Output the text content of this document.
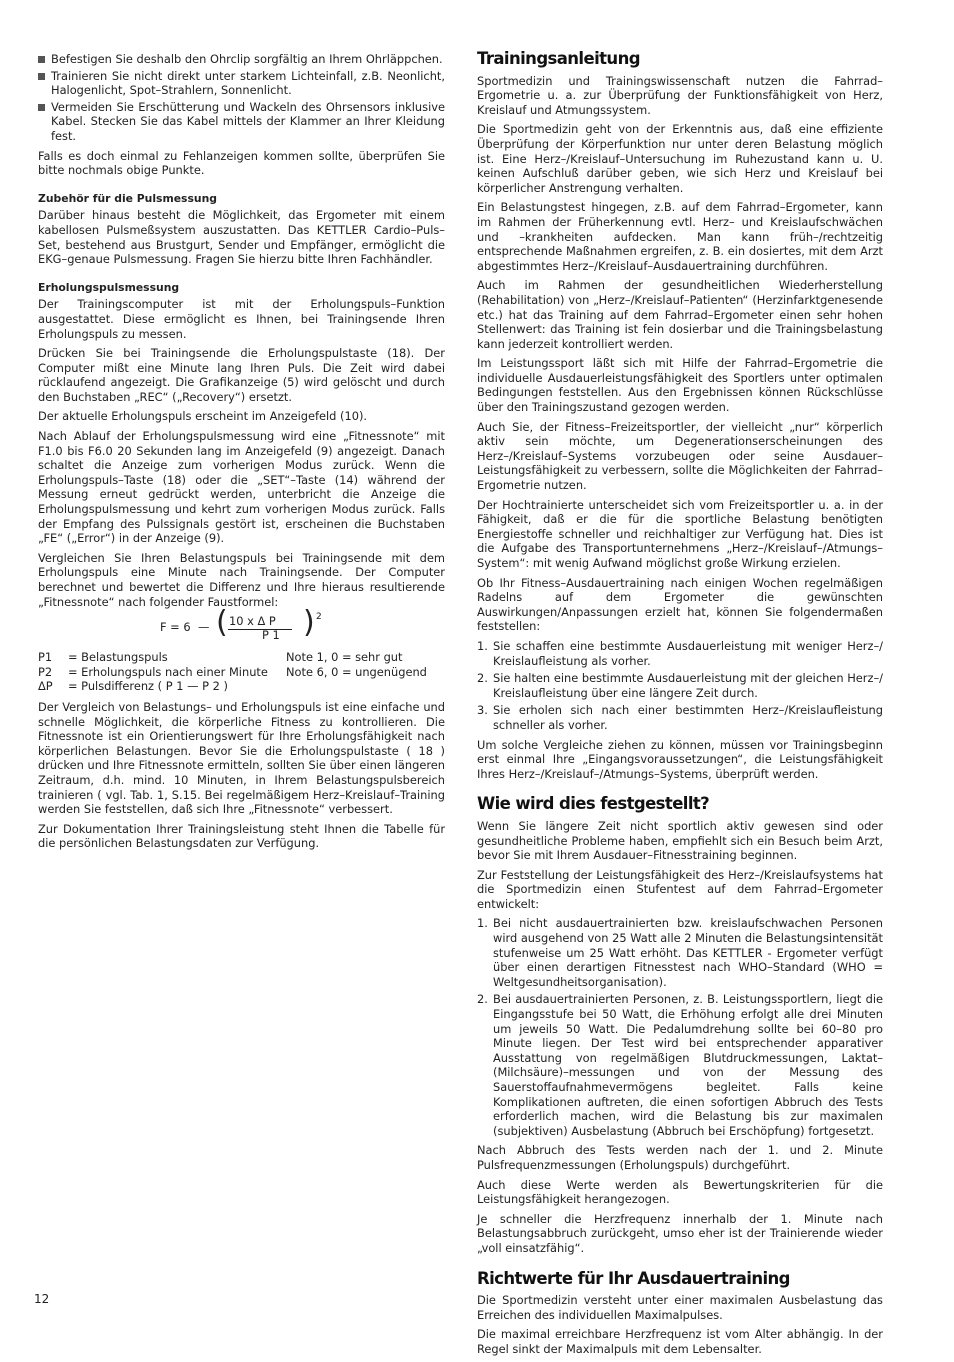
Befestigen Sie deshalb den Ohrclip sorgfältig an Ihrem Ohrläppchen.
Trainieren Sie nicht direkt unter starkem Lichteinfall, z.B. Neonlicht, Halogenlicht, Spot–Strahlern, Sonnenlicht.
Vermeiden Sie Erschütterung und Wackeln des Ohrsensors inklusive Kabel. Stecken Sie das Kabel mittels der Klammer an Ihrer Kleidung fest.

Falls es doch einmal zu Fehlanzeigen kommen sollte, überprüfen Sie bitte nochmals obige Punkte.

Zubehör für die Pulsmessung

Darüber hinaus besteht die Möglichkeit, das Ergometer mit einem kabellosen Pulsmeßsystem auszustatten. Das KETTLER Cardio–Puls–Set, bestehend aus Brustgurt, Sender und Empfänger, ermöglicht die EKG–genaue Pulsmessung. Fragen Sie hierzu bitte Ihren Fachhändler.

Erholungspulsmessung

Der Trainingscomputer ist mit der Erholungspuls–Funktion ausgestattet. Diese ermöglicht es Ihnen, bei Trainingsende Ihren Erholungspuls zu messen.

Drücken Sie bei Trainingsende die Erholungspulstaste (18). Der Computer mißt eine Minute lang Ihren Puls. Die Zeit wird dabei rücklaufend angezeigt. Die Grafikanzeige (5) wird gelöscht und durch den Buchstaben „REC“ („Recovery“) ersetzt.

Der aktuelle Erholungspuls erscheint im Anzeigefeld (10).

Nach Ablauf der Erholungspulsmessung wird eine „Fitnessnote“ mit F1.0 bis F6.0 20 Sekunden lang im Anzeigefeld (9) angezeigt. Danach schaltet die Anzeige zum vorherigen Modus zurück. Wenn die Erholungspuls–Taste (18) oder die „SET“–Taste (14) während der Messung erneut gedrückt werden, unterbricht die Anzeige die Erholungspulsmessung und kehrt zum vorherigen Modus zurück. Falls der Empfang des Pulssignals gestört ist, erscheinen die Buchstaben „FE“ („Error“) in der Anzeige (9).

Vergleichen Sie Ihren Belastungspuls bei Trainingsende mit dem Erholungspuls eine Minute nach Trainingsende. Der Computer berechnet und bewertet die Differenz und Ihre hieraus resultierende „Fitnessnote“ nach folgender Faustformel:

F = 6 — ( 10 x Δ P
P 1 ) 2
P1 = Belastungspuls	Note 1, 0 = sehr gut
P2 = Erholungspuls nach einer Minute	Note 6, 0 = ungenügend
ΔP = Pulsdifferenz ( P 1 — P 2 )

Der Vergleich von Belastungs– und Erholungspuls ist eine einfache und schnelle Möglichkeit, die körperliche Fitness zu kontrollieren. Die Fitnessnote ist ein Orientierungswert für Ihre Erholungsfähigkeit nach körperlichen Belastungen. Bevor Sie die Erholungspulstaste ( 18 ) drücken und Ihre Fitnessnote ermitteln, sollten Sie über einen längeren Zeitraum, d.h. mind. 10 Minuten, in Ihrem Belastungspulsbereich trainieren ( vgl. Tab. 1, S.15. Bei regelmäßigem Herz–Kreislauf–Training werden Sie feststellen, daß sich Ihre „Fitnessnote“ verbessert.

Zur Dokumentation Ihrer Trainingsleistung steht Ihnen die Tabelle für die persönlichen Belastungsdaten zur Verfügung.

Trainingsanleitung

Sportmedizin und Trainingswissenschaft nutzen die Fahrrad–Ergometrie u. a. zur Überprüfung der Funktionsfähigkeit von Herz, Kreislauf und Atmungssystem.

Die Sportmedizin geht von der Erkenntnis aus, daß eine effiziente Überprüfung der Körperfunktion nur unter deren Belastung möglich ist. Eine Herz–/Kreislauf–Untersuchung im Ruhezustand kann u. U. keinen Aufschluß darüber geben, wie sich Herz und Kreislauf bei körperlicher Anstrengung verhalten.

Ein Belastungstest hingegen, z.B. auf dem Fahrrad–Ergometer, kann im Rahmen der Früherkennung evtl. Herz– und Kreislaufschwächen und –krankheiten aufdecken. Man kann früh–/rechtzeitig entsprechende Maßnahmen ergreifen, z. B. ein dosiertes, mit dem Arzt abgestimmtes Herz–/Kreislauf–Ausdauertraining durchführen.

Auch im Rahmen der gesundheitlichen Wiederherstellung (Rehabilitation) von „Herz–/Kreislauf–Patienten“ (Herzinfarktgenesende etc.) hat das Training auf dem Fahrrad–Ergometer einen sehr hohen Stellenwert: das Training ist fein dosierbar und die Trainingsbelastung kann jederzeit kontrolliert werden.

Im Leistungssport läßt sich mit Hilfe der Fahrrad–Ergometrie die individuelle Ausdauerleistungsfähigkeit des Sportlers unter optimalen Bedingungen feststellen. Aus den Ergebnissen können Rückschlüsse über den Trainingszustand gezogen werden.

Auch Sie, der Fitness–Freizeitsportler, der vielleicht „nur“ körperlich aktiv sein möchte, um Degenerationserscheinungen des Herz–/Kreislauf–Systems vorzubeugen oder seine Ausdauer–Leistungsfähigkeit zu verbessern, sollte die Möglichkeiten der Fahrrad–Ergometrie nutzen.

Der Hochtrainierte unterscheidet sich vom Freizeitsportler u. a. in der Fähigkeit, daß er die für die sportliche Belastung benötigten Energiestoffe schneller und reichhaltiger zur Verfügung hat. Dies ist die Aufgabe des Transportunternehmens „Herz–/Kreislauf–/Atmungs–System“: mit wenig Aufwand möglichst große Wirkung erzielen.

Ob Ihr Fitness–Ausdauertraining nach einigen Wochen regelmäßigen Radelns auf dem Ergometer die gewünschten Auswirkungen/Anpassungen erzielt hat, können Sie folgendermaßen feststellen:

1. Sie schaffen eine bestimmte Ausdauerleistung mit weniger Herz–/ Kreislaufleistung als vorher.
2. Sie halten eine bestimmte Ausdauerleistung mit der gleichen Herz–/ Kreislaufleistung über eine längere Zeit durch.
3. Sie erholen sich nach einer bestimmten Herz–/Kreislaufleistung schneller als vorher.

Um solche Vergleiche ziehen zu können, müssen vor Trainingsbeginn erst einmal Ihre „Eingangsvoraussetzungen“, die Leistungsfähigkeit Ihres Herz–/Kreislauf–/Atmungs–Systems, überprüft werden.

Wie wird dies festgestellt?

Wenn Sie längere Zeit nicht sportlich aktiv gewesen sind oder gesundheitliche Probleme haben, empfiehlt sich ein Besuch beim Arzt, bevor Sie mit Ihrem Ausdauer–Fitnesstraining beginnen.

Zur Feststellung der Leistungsfähigkeit des Herz–/Kreislaufsystems hat die Sportmedizin einen Stufentest auf dem Fahrrad–Ergometer entwickelt:

1. Bei nicht ausdauertrainierten bzw. kreislaufschwachen Personen wird ausgehend von 25 Watt alle 2 Minuten die Belastungsintensität stufenweise um 25 Watt erhöht. Das KETTLER - Ergometer verfügt über einen derartigen Fitnesstest nach WHO–Standard (WHO = Weltgesundheitsorganisation).
2. Bei ausdauertrainierten Personen, z. B. Leistungssportlern, liegt die Eingangsstufe bei 50 Watt, die Erhöhung erfolgt alle drei Minuten um jeweils 50 Watt. Die Pedalumdrehung sollte bei 60–80 pro Minute liegen. Der Test wird bei entsprechender apparativer Ausstattung von regelmäßigen Blutdruckmessungen, Laktat–(Milchsäure)–messungen und von der Messung des Sauerstoffaufnahmevermögens begleitet. Falls keine Komplikationen auftreten, die einen sofortigen Abbruch des Tests erforderlich machen, wird die Belastung bis zur maximalen (subjektiven) Ausbelastung (Abbruch bei Erschöpfung) fortgesetzt.

Nach Abbruch des Tests werden nach der 1. und 2. Minute Pulsfrequenzmessungen (Erholungspuls) durchgeführt.

Auch diese Werte werden als Bewertungskriterien für die Leistungsfähigkeit herangezogen.

Je schneller die Herzfrequenz innerhalb der 1. Minute nach Belastungsabbruch zurückgeht, umso eher ist der Trainierende wieder „voll einsatzfähig“.

Richtwerte für Ihr Ausdauertraining

Die Sportmedizin versteht unter einer maximalen Ausbelastung das Erreichen des individuellen Maximalpulses.

Die maximal erreichbare Herzfrequenz ist vom Alter abhängig. In der Regel sinkt der Maximalpuls mit dem Lebensalter.

12
